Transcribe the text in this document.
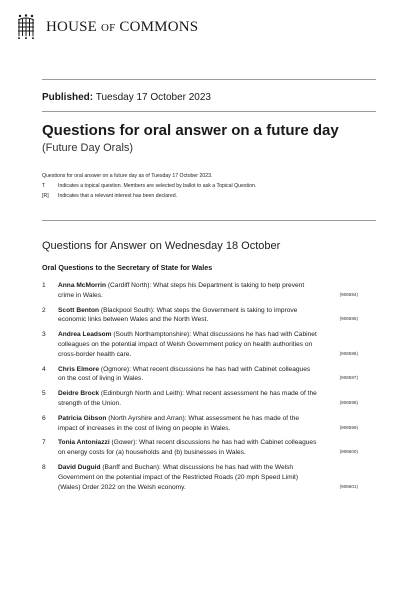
HOUSE OF COMMONS
Published: Tuesday 17 October 2023
Questions for oral answer on a future day
(Future Day Orals)
Questions for oral answer on a future day as of Tuesday 17 October 2023.
T	Indicates a topical question. Members are selected by ballot to ask a Topical Question.
[R]	Indicates that a relevant interest has been declared.
Questions for Answer on Wednesday 18 October
Oral Questions to the Secretary of State for Wales
1	Anna McMorrin (Cardiff North): What steps his Department is taking to help prevent crime in Wales.	(906594)
2	Scott Benton (Blackpool South): What steps the Government is taking to improve economic links between Wales and the North West.	(906595)
3	Andrea Leadsom (South Northamptonshire): What discussions he has had with Cabinet colleagues on the potential impact of Welsh Government policy on health authorities on cross-border health care.	(906596)
4	Chris Elmore (Ogmore): What recent discussions he has had with Cabinet colleagues on the cost of living in Wales.	(906597)
5	Deidre Brock (Edinburgh North and Leith): What recent assessment he has made of the strength of the Union.	(906598)
6	Patricia Gibson (North Ayrshire and Arran): What assessment he has made of the impact of increases in the cost of living on people in Wales.	(906599)
7	Tonia Antoniazzi (Gower): What recent discussions he has had with Cabinet colleagues on energy costs for (a) households and (b) businesses in Wales.	(906600)
8	David Duguid (Banff and Buchan): What discussions he has had with the Welsh Government on the potential impact of the Restricted Roads (20 mph Speed Limit) (Wales) Order 2022 on the Welsh economy.	(906601)
